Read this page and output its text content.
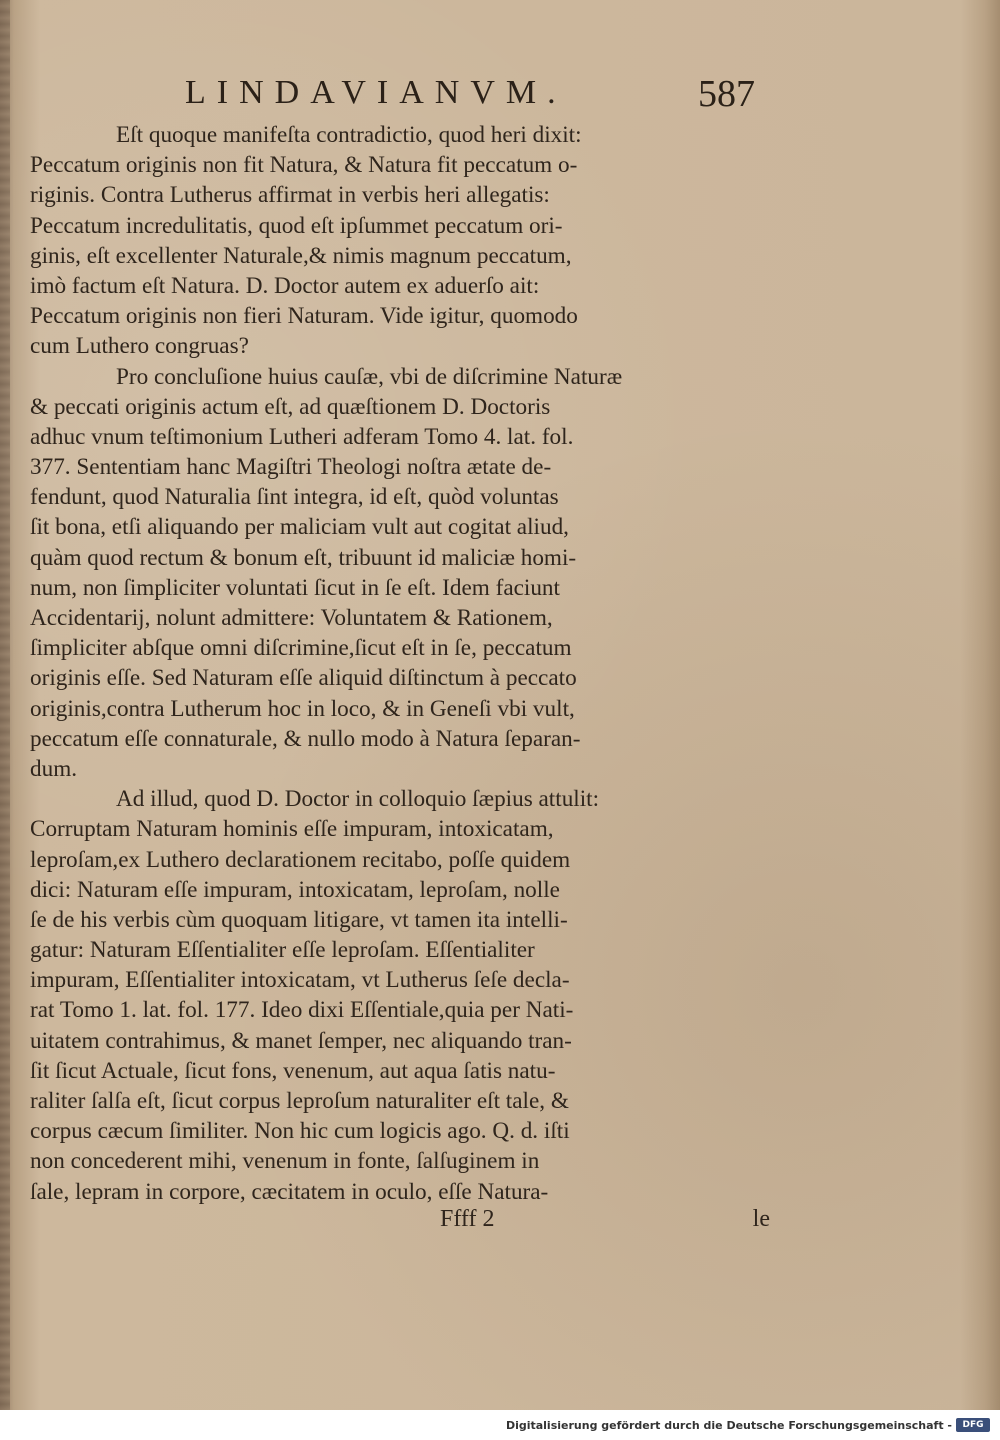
LINDAVIANVM.	587
Eſt quoque manifeſta contradictio, quod heri dixit:
Peccatum originis non fit Natura, & Natura fit peccatum o-
riginis. Contra Lutherus affirmat in verbis heri allegatis:
Peccatum incredulitatis, quod eſt ipſummet peccatum ori-
ginis, eſt excellenter Naturale,& nimis magnum peccatum,
imò factum eſt Natura. D. Doctor autem ex aduerſo ait:
Peccatum originis non fieri Naturam. Vide igitur, quomodo
cum Luthero congruas?
Pro concluſione huius cauſæ, vbi de diſcrimine Naturæ
& peccati originis actum eſt, ad quæſtionem D. Doctoris
adhuc vnum teſtimonium Lutheri adferam Tomo 4. lat. fol.
377. Sententiam hanc Magiſtri Theologi noſtra ætate de-
fendunt, quod Naturalia ſint integra, id eſt, quòd voluntas
ſit bona, etſi aliquando per maliciam vult aut cogitat aliud,
quàm quod rectum & bonum eſt, tribuunt id maliciæ homi-
num, non ſimpliciter voluntati ſicut in ſe eſt. Idem faciunt
Accidentarij, nolunt admittere: Voluntatem & Rationem,
ſimpliciter abſque omni diſcrimine,ſicut eſt in ſe, peccatum
originis eſſe. Sed Naturam eſſe aliquid diſtinctum à peccato
originis,contra Lutherum hoc in loco, & in Geneſi vbi vult,
peccatum eſſe connaturale, & nullo modo à Natura ſeparan-
dum.
Ad illud, quod D. Doctor in colloquio ſæpius attulit:
Corruptam Naturam hominis eſſe impuram, intoxicatam,
leproſam,ex Luthero declarationem recitabo, poſſe quidem
dici: Naturam eſſe impuram, intoxicatam, leproſam, nolle
ſe de his verbis cùm quoquam litigare, vt tamen ita intelli-
gatur: Naturam Eſſentialiter eſſe leproſam. Eſſentialiter
impuram, Eſſentialiter intoxicatam, vt Lutherus ſeſe decla-
rat Tomo 1. lat. fol. 177. Ideo dixi Eſſentiale,quia per Nati-
uitatem contrahimus, & manet ſemper, nec aliquando tran-
ſit ſicut Actuale, ſicut fons, venenum, aut aqua ſatis natu-
raliter ſalſa eſt, ſicut corpus leproſum naturaliter eſt tale, &
corpus cæcum ſimiliter. Non hic cum logicis ago. Q. d. iſti
non concederent mihi, venenum in fonte, ſalſuginem in
ſale, lepram in corpore, cæcitatem in oculo, eſſe Natura-
Ffff 2	le
Digitalisierung gefördert durch die Deutsche Forschungsgemeinschaft -	DFG
